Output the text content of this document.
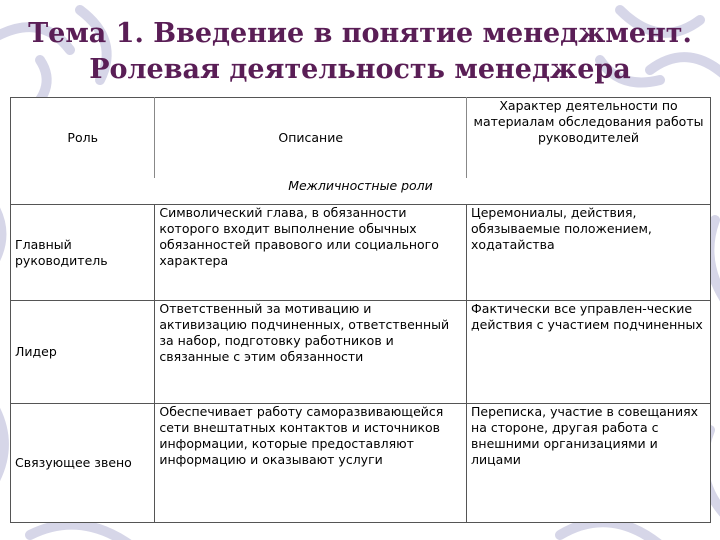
Тема 1. Введение в понятие менеджмент.
Ролевая деятельность менеджера
Роль	Описание	Характер деятельности по материалам обследования работы руководителей
Межличностные роли		
Главный руководитель	Символический глава, в обязанности которого входит выполнение обычных обязанностей правового или социального характера	Церемониалы, действия, обязываемые положением, ходатайства
Лидер	Ответственный за мотивацию и активизацию подчиненных, ответственный за набор, подготовку работников и связанные с этим обязанности	Фактически все управлен-ческие действия с участием подчиненных
Связующее звено	Обеспечивает работу саморазвивающейся сети внештатных контактов и источников информации, которые предоставляют информацию и оказывают услуги	Переписка, участие в совещаниях на стороне, другая работа с внешними организациями и лицами
